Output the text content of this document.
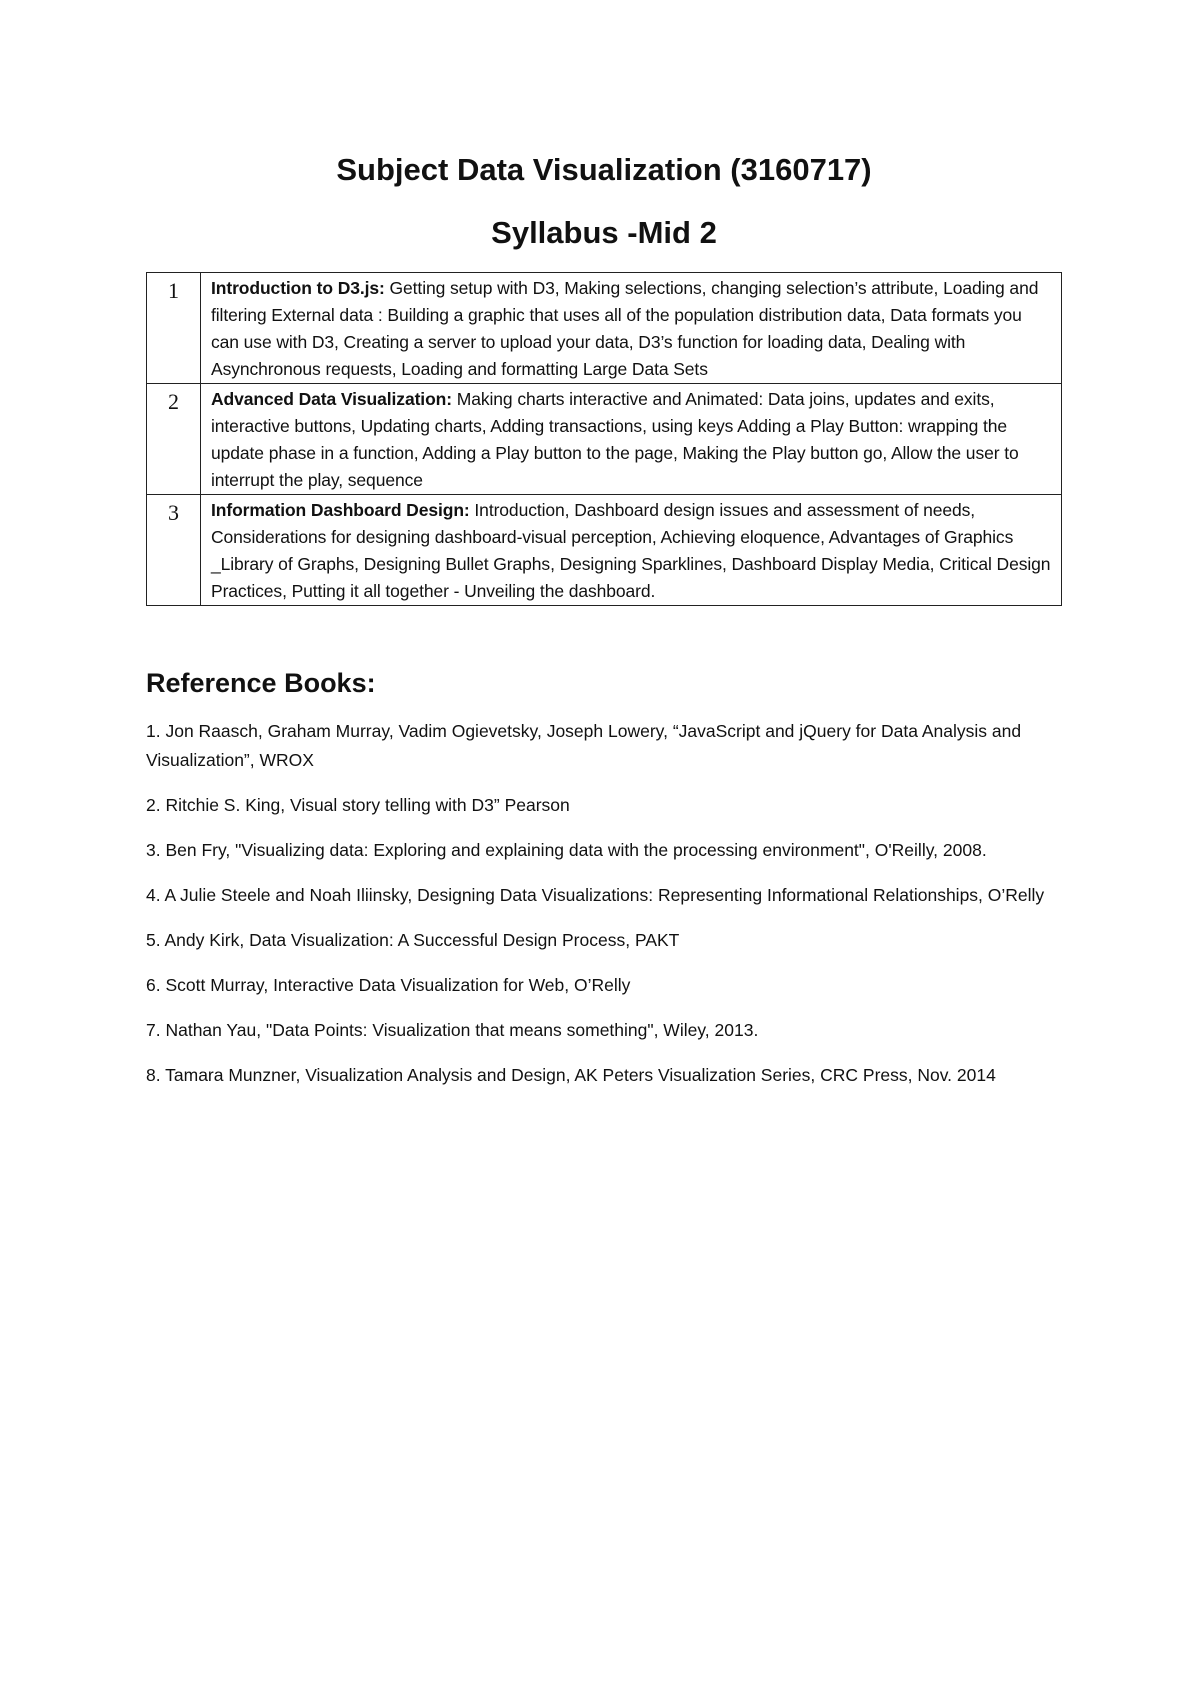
Subject Data Visualization (3160717)
Syllabus -Mid 2
1	Introduction to D3.js: Getting setup with D3, Making selections, changing selection’s attribute, Loading and filtering External data : Building a graphic that uses all of the population distribution data, Data formats you can use with D3, Creating a server to upload your data, D3’s function for loading data, Dealing with Asynchronous requests, Loading and formatting Large Data Sets
2	Advanced Data Visualization: Making charts interactive and Animated: Data joins, updates and exits, interactive buttons, Updating charts, Adding transactions, using keys Adding a Play Button: wrapping the update phase in a function, Adding a Play button to the page, Making the Play button go, Allow the user to interrupt the play, sequence
3	Information Dashboard Design: Introduction, Dashboard design issues and assessment of needs, Considerations for designing dashboard-visual perception, Achieving eloquence, Advantages of Graphics _Library of Graphs, Designing Bullet Graphs, Designing Sparklines, Dashboard Display Media, Critical Design Practices, Putting it all together - Unveiling the dashboard.
Reference Books:
1. Jon Raasch, Graham Murray, Vadim Ogievetsky, Joseph Lowery, “JavaScript and jQuery for Data Analysis and Visualization”, WROX
2. Ritchie S. King, Visual story telling with D3” Pearson
3. Ben Fry, "Visualizing data: Exploring and explaining data with the processing environment", O'Reilly, 2008.
4. A Julie Steele and Noah Iliinsky, Designing Data Visualizations: Representing Informational Relationships, O’Relly
5. Andy Kirk, Data Visualization: A Successful Design Process, PAKT
6. Scott Murray, Interactive Data Visualization for Web, O’Relly
7. Nathan Yau, "Data Points: Visualization that means something", Wiley, 2013.
8. Tamara Munzner, Visualization Analysis and Design, AK Peters Visualization Series, CRC Press, Nov. 2014
